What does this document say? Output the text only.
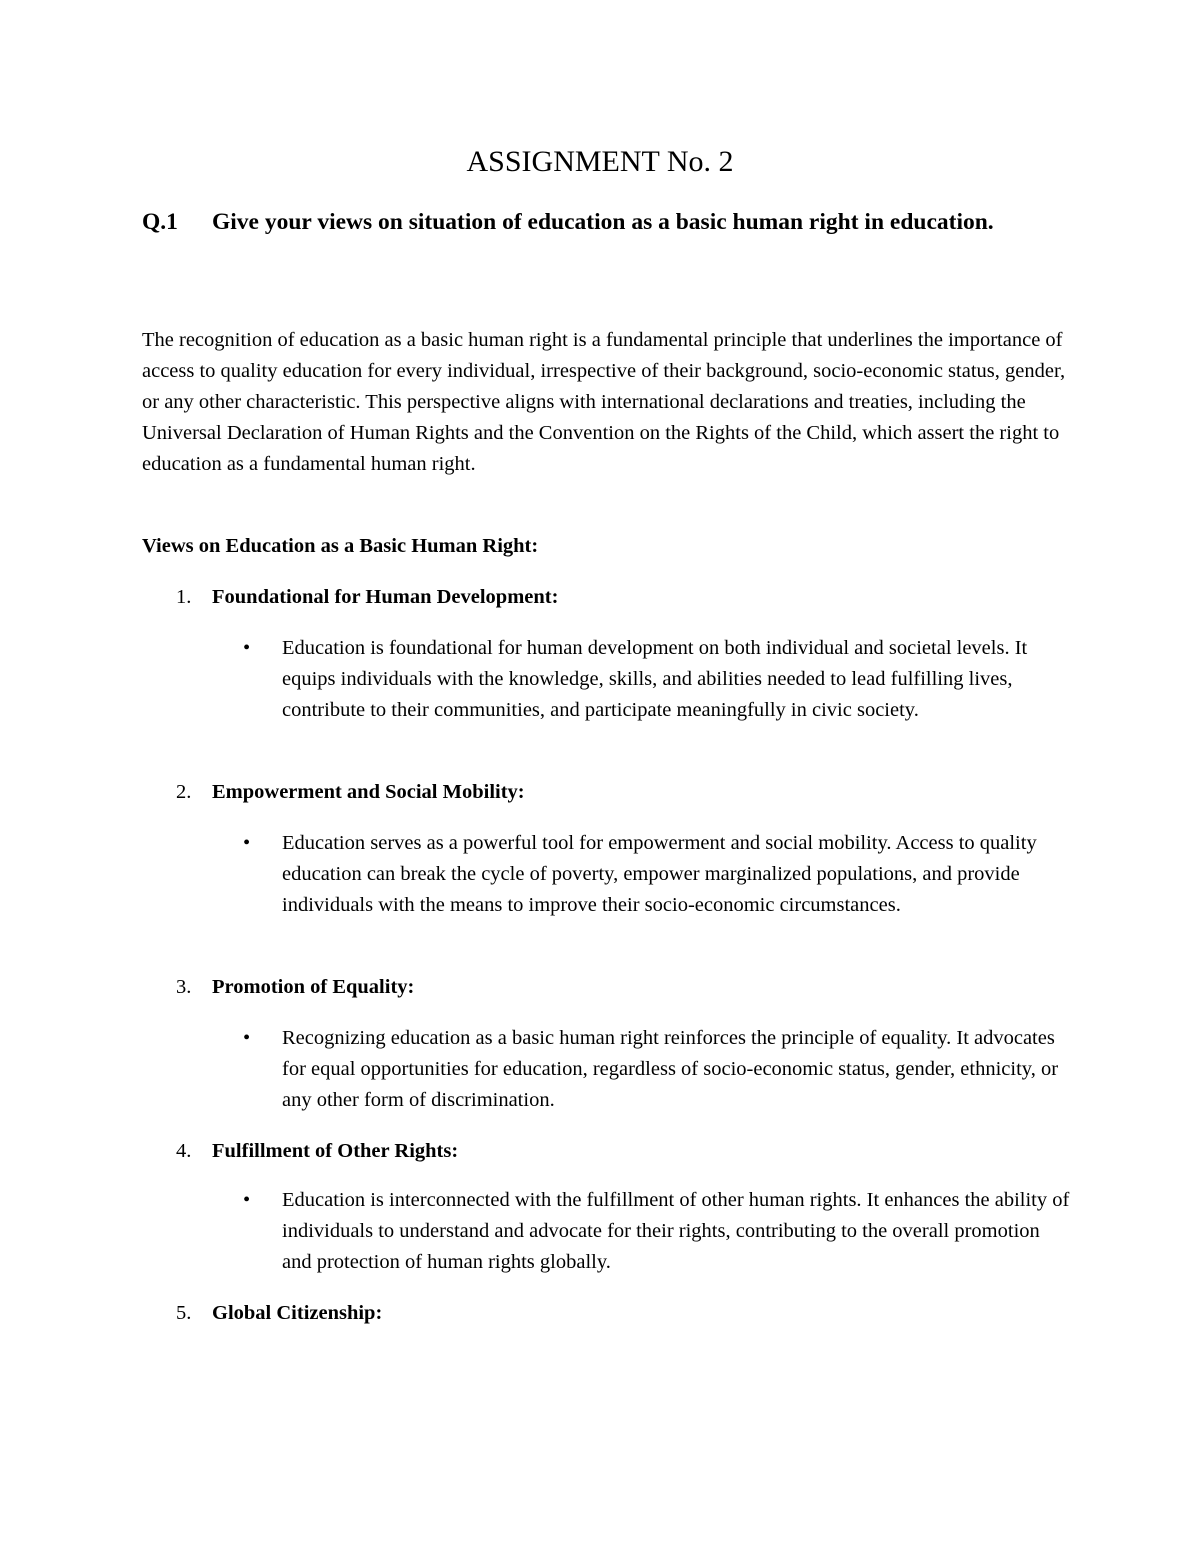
ASSIGNMENT No. 2

Q.1 Give your views on situation of education as a basic human right in education.

The recognition of education as a basic human right is a fundamental principle that underlines the importance of access to quality education for every individual, irrespective of their background, socio-economic status, gender, or any other characteristic. This perspective aligns with international declarations and treaties, including the Universal Declaration of Human Rights and the Convention on the Rights of the Child, which assert the right to education as a fundamental human right.

Views on Education as a Basic Human Right:

1. Foundational for Human Development:

• Education is foundational for human development on both individual and societal levels. It equips individuals with the knowledge, skills, and abilities needed to lead fulfilling lives, contribute to their communities, and participate meaningfully in civic society.

2. Empowerment and Social Mobility:

• Education serves as a powerful tool for empowerment and social mobility. Access to quality education can break the cycle of poverty, empower marginalized populations, and provide individuals with the means to improve their socio-economic circumstances.

3. Promotion of Equality:

• Recognizing education as a basic human right reinforces the principle of equality. It advocates for equal opportunities for education, regardless of socio-economic status, gender, ethnicity, or any other form of discrimination.

4. Fulfillment of Other Rights:

• Education is interconnected with the fulfillment of other human rights. It enhances the ability of individuals to understand and advocate for their rights, contributing to the overall promotion and protection of human rights globally.

5. Global Citizenship:
